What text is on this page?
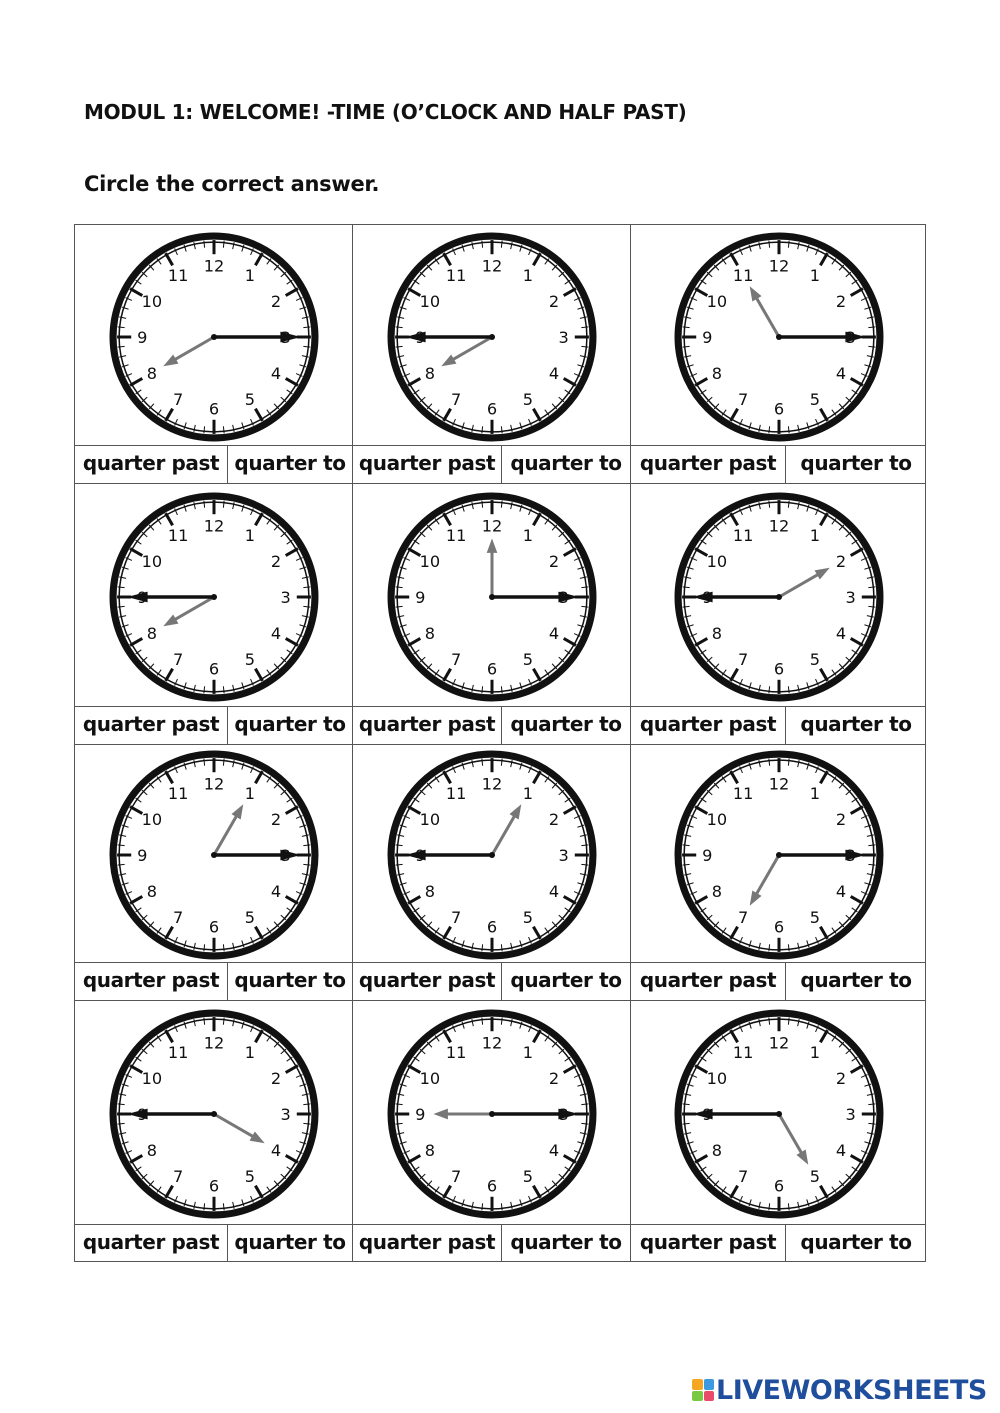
MODUL 1: WELCOME! -TIME (O’CLOCK AND HALF PAST)
Circle the correct answer.
12
1
2
4
5
6
7
8
9
10
11
quarter past quarter to
12
1
2
3
4
5
6
7
8
10
11
quarter past quarter to
12
1
2
4
5
6
7
8
9
10
11
quarter past	quarter to
12
1
2
3
4
5
6
7
8
10
11
quarter past quarter to
12
1
2
4
5
6
7
8
9
10
11
quarter past quarter to
12
1
2
3
4
5
6
7
8
10
11
quarter past	quarter to
12
1
2
4
5
6
7
8
9
10
11
quarter past quarter to
12
1
2
3
4
5
6
7
8
10
11
quarter past quarter to
12
1
2
4
5
6
7
8
9
10
11
quarter past	quarter to
12
1
2
3
4
5
6
7
8
10
11
quarter past quarter to
12
1
2
4
5
6
7
8
9
10
11
quarter past quarter to
12
1
2
3
4
5
6
7
8
10
11
quarter past	quarter to
LIVEWORKSHEETS
